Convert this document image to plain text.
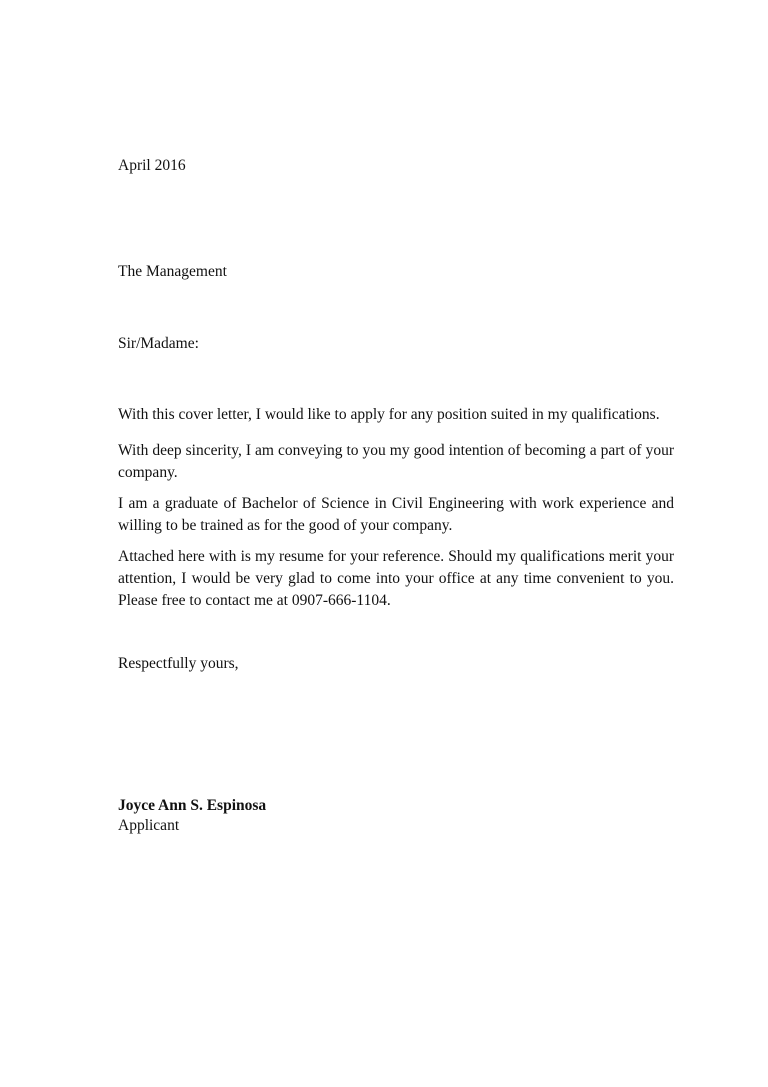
April 2016
The Management
Sir/Madame:

With this cover letter, I would like to apply for any position suited in my qualifications.

With deep sincerity, I am conveying to you my good intention of becoming a part of your company.

I am a graduate of Bachelor of Science in Civil Engineering with work experience and willing to be trained as for the good of your company.

Attached here with is my resume for your reference. Should my qualifications merit your attention, I would be very glad to come into your office at any time convenient to you. Please free to contact me at 0907-666-1104.

Respectfully yours,
Joyce Ann S. Espinosa
Applicant
